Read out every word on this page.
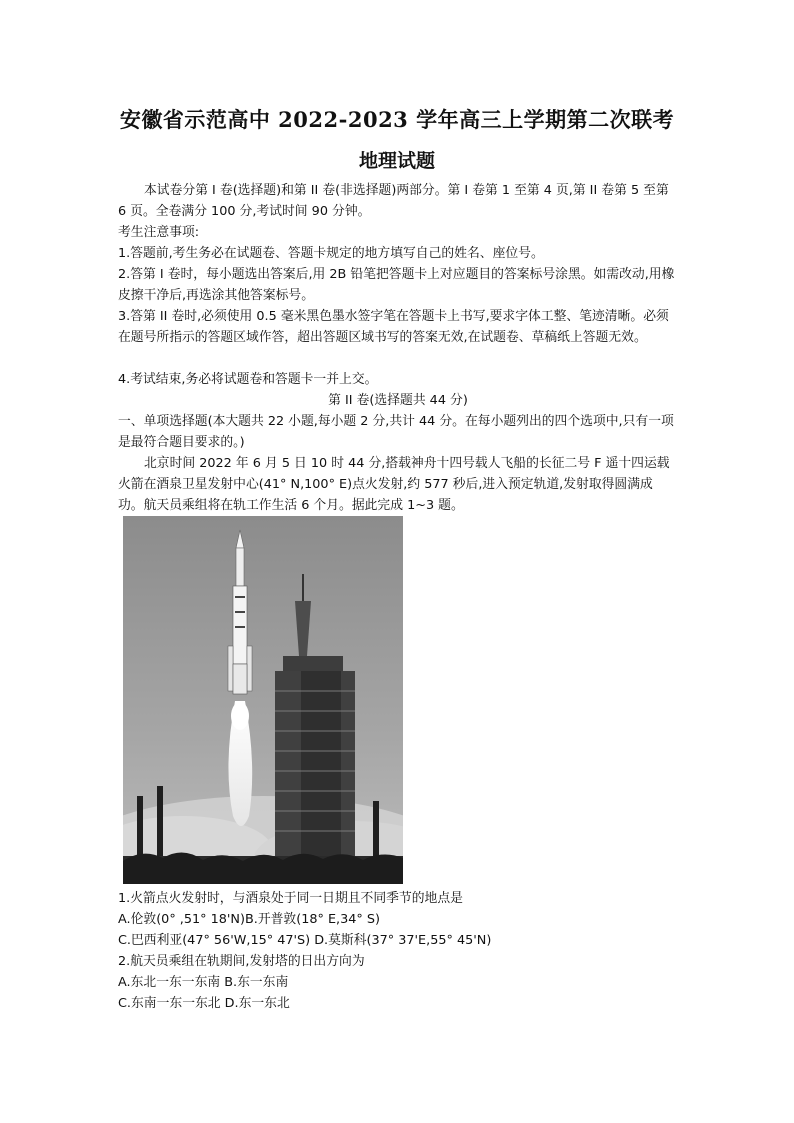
安徽省示范高中 2022-2023 学年高三上学期第二次联考
地理试题

本试卷分第 I 卷(选择题)和第 II 卷(非选择题)两部分。第 I 卷第 1 至第 4 页,第 II 卷第 5 至第 6 页。全卷满分 100 分,考试时间 90 分钟。

考生注意事项:

1.答题前,考生务必在试题卷、答题卡规定的地方填写自己的姓名、座位号。

2.答第 I 卷时，每小题选出答案后,用 2B 铅笔把答题卡上对应题目的答案标号涂黑。如需改动,用橡皮擦干净后,再选涂其他答案标号。

3.答第 II 卷时,必须使用 0.5 毫米黑色墨水签字笔在答题卡上书写,要求字体工整、笔迹清晰。必须在题号所指示的答题区域作答，超出答题区域书写的答案无效,在试题卷、草稿纸上答题无效。

4.考试结束,务必将试题卷和答题卡一并上交。

第 II 卷(选择题共 44 分)

一、单项选择题(本大题共 22 小题,每小题 2 分,共计 44 分。在每小题列出的四个选项中,只有一项是最符合题目要求的。)

北京时间 2022 年 6 月 5 日 10 时 44 分,搭载神舟十四号载人飞船的长征二号 F 遥十四运载火箭在酒泉卫星发射中心(41° N,100° E)点火发射,约 577 秒后,进入预定轨道,发射取得圆满成功。航天员乘组将在轨工作生活 6 个月。据此完成 1~3 题。

1.火箭点火发射时，与酒泉处于同一日期且不同季节的地点是

A.伦敦(0° ,51° 18'N)B.开普敦(18° E,34° S)

C.巴西利亚(47° 56'W,15° 47'S) D.莫斯科(37° 37'E,55° 45'N)

2.航天员乘组在轨期间,发射塔的日出方向为

A.东北一东一东南 B.东一东南

C.东南一东一东北 D.东一东北
